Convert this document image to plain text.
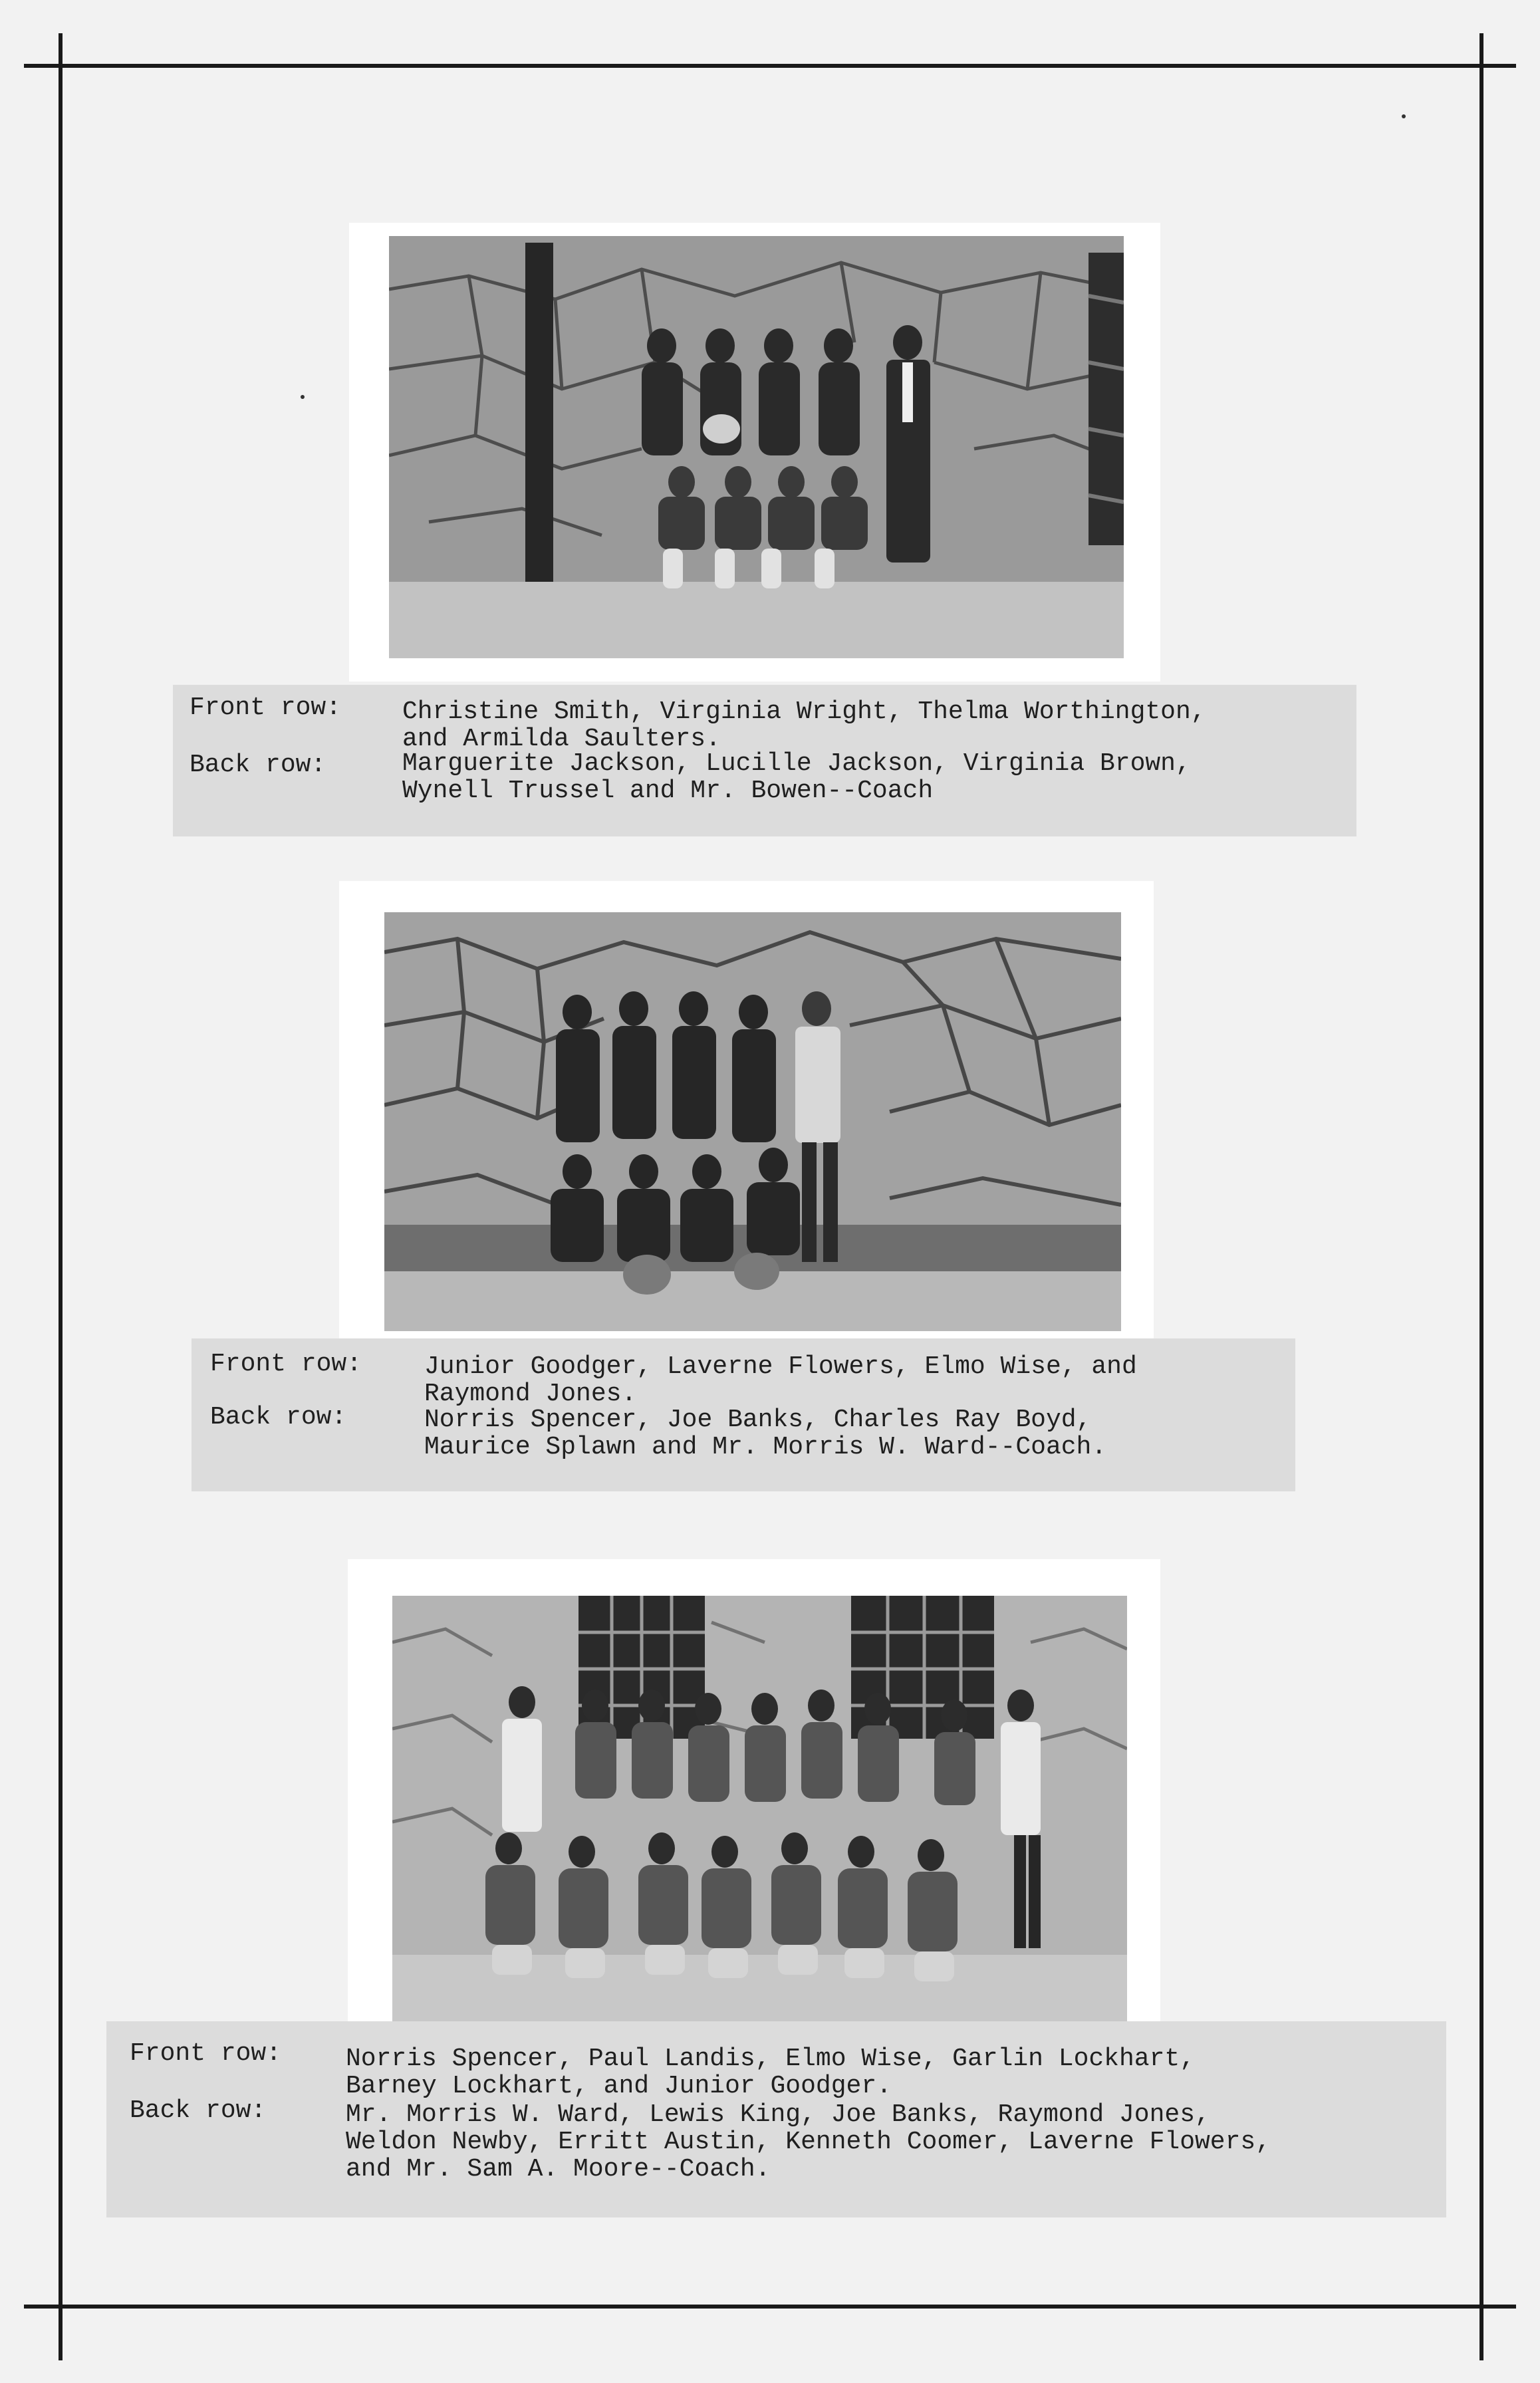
Front row: Christine Smith, Virginia Wright, Thelma Worthington,
and Armilda Saulters.
Back row:	Marguerite Jackson, Lucille Jackson, Virginia Brown,
Wynell Trussel and Mr. Bowen--Coach
Front row: Junior Goodger, Laverne Flowers, Elmo Wise, and
Raymond Jones.
Back row:	Norris Spencer, Joe Banks, Charles Ray Boyd,
Maurice Splawn and Mr. Morris W. Ward--Coach.
Front row:	Norris Spencer, Paul Landis, Elmo Wise, Garlin Lockhart,
Barney Lockhart, and Junior Goodger.
Back row:	Mr. Morris W. Ward, Lewis King, Joe Banks, Raymond Jones,
Weldon Newby, Erritt Austin, Kenneth Coomer, Laverne Flowers,
and Mr. Sam A. Moore--Coach.
